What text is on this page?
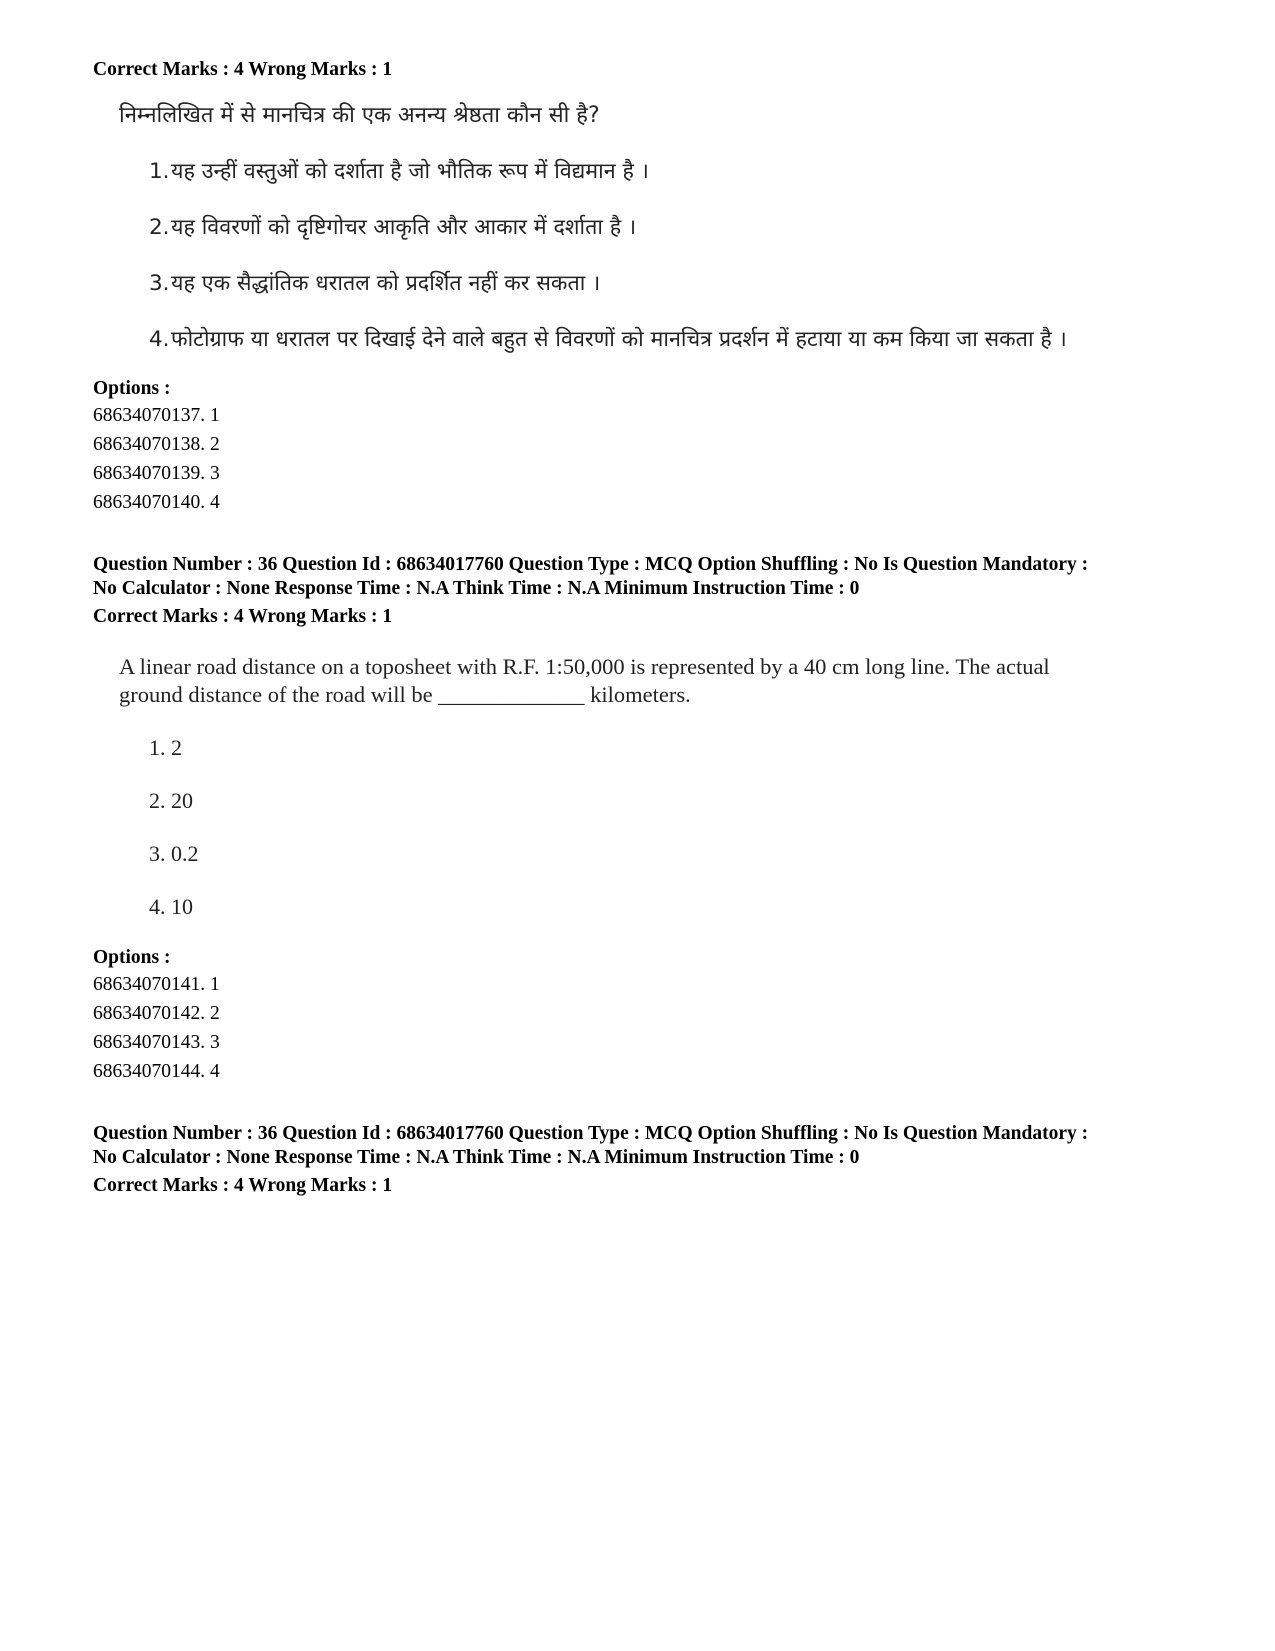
Correct Marks : 4 Wrong Marks : 1

निम्नलिखित में से मानचित्र की एक अनन्य श्रेष्ठता कौन सी है?

1. यह उन्हीं वस्तुओं को दर्शाता है जो भौतिक रूप में विद्यमान है ।
2. यह विवरणों को दृष्टिगोचर आकृति और आकार में दर्शाता है ।
3. यह एक सैद्धांतिक धरातल को प्रदर्शित नहीं कर सकता ।
4. फोटोग्राफ या धरातल पर दिखाई देने वाले बहुत से विवरणों को मानचित्र प्रदर्शन में हटाया या कम किया जा सकता है ।

Options :

68634070137. 1

68634070138. 2

68634070139. 3

68634070140. 4

Question Number : 36 Question Id : 68634017760 Question Type : MCQ Option Shuffling : No Is Question Mandatory :

No Calculator : None Response Time : N.A Think Time : N.A Minimum Instruction Time : 0

Correct Marks : 4 Wrong Marks : 1

A linear road distance on a toposheet with R.F. 1:50,000 is represented by a 40 cm long line. The actual ground distance of the road will be _____________ kilometers.

1. 2
2. 20
3. 0.2
4. 10

Options :

68634070141. 1

68634070142. 2

68634070143. 3

68634070144. 4

Question Number : 36 Question Id : 68634017760 Question Type : MCQ Option Shuffling : No Is Question Mandatory :

No Calculator : None Response Time : N.A Think Time : N.A Minimum Instruction Time : 0

Correct Marks : 4 Wrong Marks : 1
